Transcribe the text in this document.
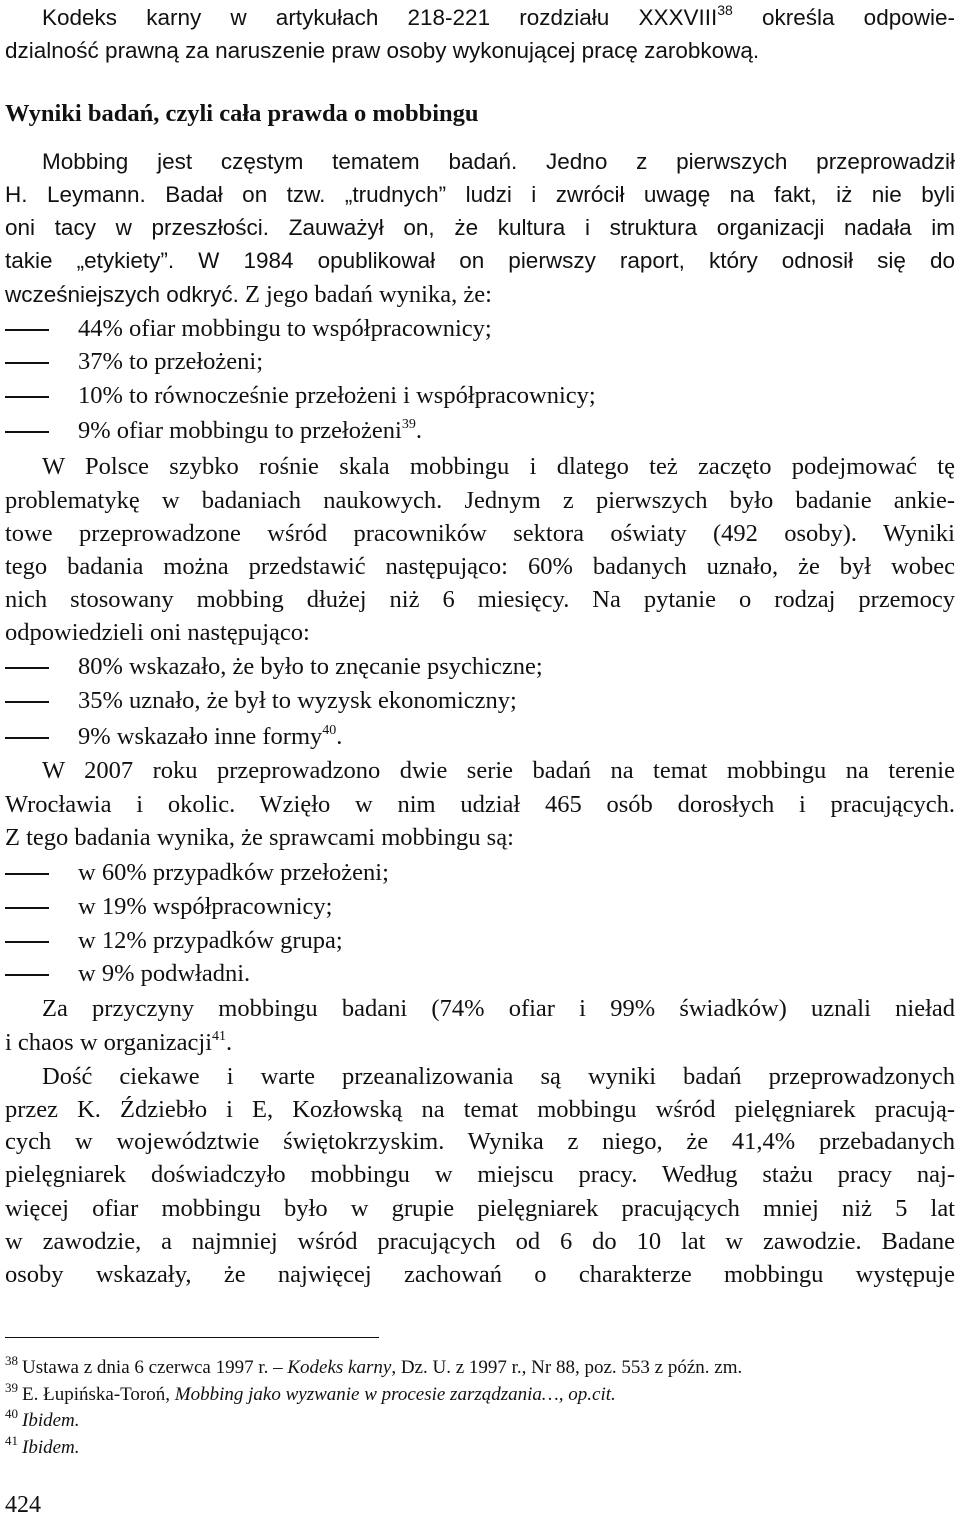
Kodeks karny w artykułach 218-221 rozdziału XXXVIII$^{38}$ określa odpowie-
dzialność prawną za naruszenie praw osoby wykonującej pracę zarobkową.
Wyniki badań, czyli cała prawda o mobbingu
Mobbing jest częstym tematem badań. Jedno z pierwszych przeprowadził
H. Leymann. Badał on tzw. „trudnych” ludzi i zwrócił uwagę na fakt, iż nie byli
oni tacy w przeszłości. Zauważył on, że kultura i struktura organizacji nadała im
takie „etykiety”. W 1984 opublikował on pierwszy raport, który odnosił się do
wcześniejszych odkryć. Z jego badań wynika, że:
44% ofiar mobbingu to współpracownicy;
37% to przełożeni;
10% to równocześnie przełożeni i współpracownicy;
9% ofiar mobbingu to przełożeni$^{39}$.
W Polsce szybko rośnie skala mobbingu i dlatego też zaczęto podejmować tę
problematykę w badaniach naukowych. Jednym z pierwszych było badanie ankie-
towe przeprowadzone wśród pracowników sektora oświaty (492 osoby). Wyniki
tego badania można przedstawić następująco: 60% badanych uznało, że był wobec
nich stosowany mobbing dłużej niż 6 miesięcy. Na pytanie o rodzaj przemocy
odpowiedzieli oni następująco:
80% wskazało, że było to znęcanie psychiczne;
35% uznało, że był to wyzysk ekonomiczny;
9% wskazało inne formy$^{40}$.
W 2007 roku przeprowadzono dwie serie badań na temat mobbingu na terenie
Wrocławia i okolic. Wzięło w nim udział 465 osób dorosłych i pracujących.
Z tego badania wynika, że sprawcami mobbingu są:
w 60% przypadków przełożeni;
w 19% współpracownicy;
w 12% przypadków grupa;
w 9% podwładni.
Za przyczyny mobbingu badani (74% ofiar i 99% świadków) uznali nieład
i chaos w organizacji$^{41}$.
Dość ciekawe i warte przeanalizowania są wyniki badań przeprowadzonych
przez K. Ździebło i E, Kozłowską na temat mobbingu wśród pielęgniarek pracują-
cych w województwie świętokrzyskim. Wynika z niego, że 41,4% przebadanych
pielęgniarek doświadczyło mobbingu w miejscu pracy. Według stażu pracy naj-
więcej ofiar mobbingu było w grupie pielęgniarek pracujących mniej niż 5 lat
w zawodzie, a najmniej wśród pracujących od 6 do 10 lat w zawodzie. Badane
osoby wskazały, że najwięcej zachowań o charakterze mobbingu występuje
$^{38}$ Ustawa z dnia 6 czerwca 1997 r. – Kodeks karny, Dz. U. z 1997 r., Nr 88, poz. 553 z późn. zm.
$^{39}$ E. Łupińska-Toroń, Mobbing jako wyzwanie w procesie zarządzania…, op.cit.
$^{40}$ Ibidem.
$^{41}$ Ibidem.
424
